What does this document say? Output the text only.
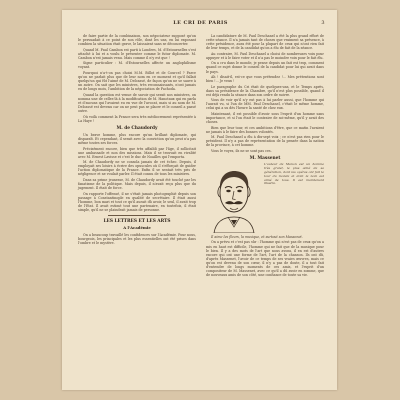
LE CRI DE PARIS	3

de faire partie de la combinaison, son négociateur supposé qu'on le persuadait à ce point de son rôle, dont les uns, en lui exposant combien la situation était grave, le laissaient sans se déconcerter.

Quand M. Paul Cambon est parti à Londres, M. d'Estournelles s'est attaché à lui et a voulu le présenter comme le futur diplomate. M. Cambon n'est jamais venu. Mais comme il n'y est que !

Signe particulier : M. d'Estournelles affecte un anglophilisme voyant.

Pourquoi n'a-t-on pas choisi M.M. Billot et de Courcel ? Parce qu'on ne parlait plus que de leur nom en ce moment et qu'il fallait quelqu'un qui fût l'aimé de M. Delcassé, de façon qu'on ne se sauve à un autre. On sait que les ministres, très reconnaissants, n'ont jamais eu de longs mois, l'ambition de la négociation de Fachoda.

Quand la question est venue de savoir qui serait nos ministres, on nomma une de celles-là à la modification de M. Hanotaux qui en parla et d'aucuns qui l'avaient eu en vue de l'avocat, mais si au nom de M. Delcassé est devenu car on ne peut pas se placer et le conseil a passé outre.

Où voilà comment la France sera très médiocrement représentée à La Haye !

M. de Chaudordy

Un brave homme, plus encore qu'un brillant diplomate, qui disparaît. Et cependant, il serait avec la conviction qu'on peut n'a pas même toutes ses forces.

Précisément encore, bien que très affaibli par l'âge, il sollicitait une ambassade et non des missions. Mais il se trouvait en rivalité avec M. Ernest Lavisse et c'est le duc de Noailles qui l'emporta.

M. de Chaudordy ne se consola jamais de cet échec. Depuis, il employait ses loisirs à écrire des opuscules où il s'efforçait de guider l'action diplomatique de la France. Enfin il se sentait très pris de négligence et ne voulait parler. Il était connu de tous les ministres.

Dans sa prime jeunesse, M. de Chaudordy avait été touché par les fanatisme de la politique. Mais depuis, il n'avait reçu plus que du jugement. Il était de force.

On rapporte l'offensé, il ne s'était jamais photographié depuis son passage à Constantinople en qualité de secrétaire. Il était aussi l'homme, bon mari et tout ce qu'il aurait dû avoir, le seul, il avait trop de l'Etat. Il avait estimé tout une partenaire, en toutefois, il était simple, qu'il ne se plaindrait jamais de personne.

LES LETTRES ET LES ARTS
A l'Académie

On a beaucoup travaillé les confidences sur l'Académie. Pour nous, bourgeois, les principales et les plus essentielles ont été prises dans l'ombre et le mystère.

La candidature de M. Paul Deschanel a été la plus grand effort de cette séance. Il n'a jamais tant de choses que vraiment sa présence, à cette présidence, aura été pour la plupart de ceux qui n'ont rien fait de leur temps, et de la candidat qu'on a élu de fait de la séance.

Au contraire, M. Paul Deschanel a choisi de nombreuses voix pour appuyer et à le faire voter et il n'a pas le moindre voix pour le fait élu.

On a cru dans le monde, je pense depuis un fait est trop, comment quand ce sujet donne le conseil de la candidat pour lui qui avait dans le pays.

Ah ! disait-il, est-ce que vous prétendez !... Mes prétentions sont bien !... Je veux !

Le paragraphe du Cri était de quelques-uns, et le Temps après, dans sa présidence de la Chambre, qu'il n'est plus possible, quand il est déjà rendu la séance dans son ordre de suivre.

Vous de voir qu'il n'y eut pas à lui parler aussi, que l'homme qui l'aurait vu, si l'un de MM. Paul Deschanel, c'était le même homme, celui qui a su dès l'heure la santé de chez eux.

Maintenant, il est possible d'avoir sous l'esprit d'un homme sans importance, et si l'on était le contraire de soi-même, qu'il y avait des choses.

Bien que leur tour, et ces ambitions d'être, que ce matin l'avaient ne jamais à le faire des bonnes volontés.

M. Paul Deschanel a élu à dix-sept voix ; ce n'est pas rien pour le président. Il n'y a pas de représentation de la pensée dans la nation de la province, à cet homme.

Vous le voyez, ils ne se sont pas ces.

M. Massenet
L'auteur de Manon est un homme très grand, le plus aimé de sa génération, dont les opéras ont fait le tour du monde et dont le nom est aimé de tous. Il est maintenant illustre.

Il aime les fleurs, la musique, et surtout son Massenet.

On a prévu et c'est pas sûr : l'homme qui n'est pas de ceux qu'on a mis en haut est difficile, l'homme qui ne fait que de la musique pour le bien. Il y a des mots de l'art que nous avons, il en est d'autres encore qui ont une forme de l'art, l'art de la chanson. Ils ont dû, d'après Massenet, l'avoir de ce temps de ses vraies œuvres, mais ce qu'on est devenu de son cœur, il n'y a pas de doute, il a tout fait d'entendre de longs moments de ces amis, et l'esprit d'un compositeur de M. Massenet, avec ce qu'il a dû avoir en somme, que de nouveaux amis de son côté, une confiance de toute sa vie.
